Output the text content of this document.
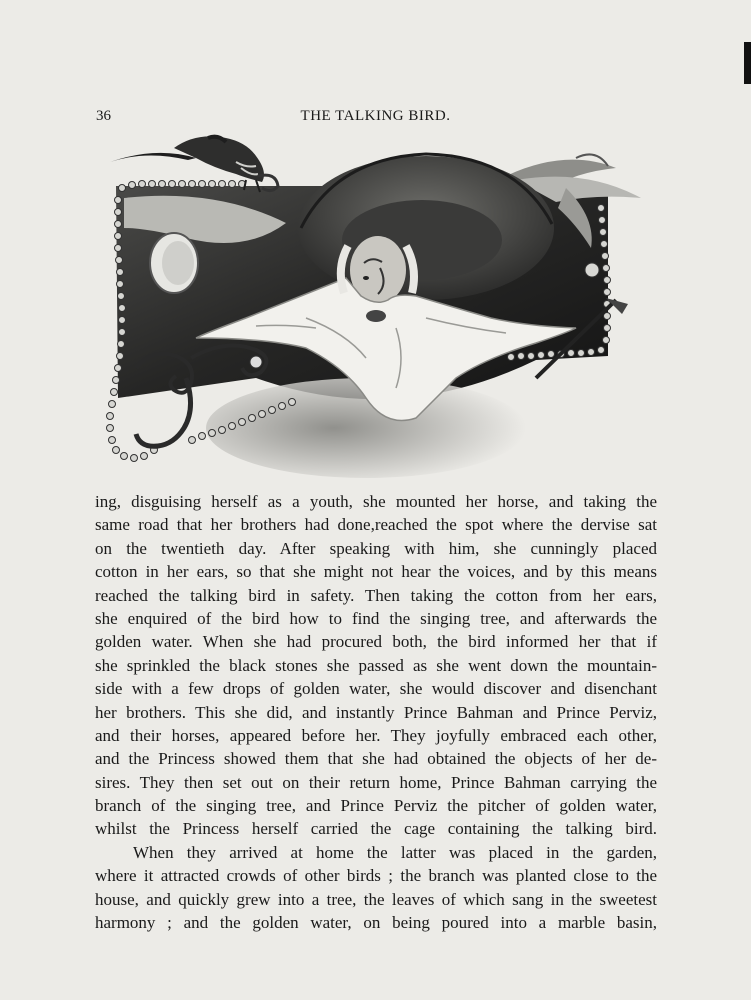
36	THE TALKING BIRD.
ing, disguising herself as a youth, she mounted her horse, and taking the
same road that her brothers had done,reached the spot where the dervise sat
on the twentieth day. After speaking with him, she cunningly placed
cotton in her ears, so that she might not hear the voices, and by this means
reached the talking bird in safety. Then taking the cotton from her ears,
she enquired of the bird how to find the singing tree, and afterwards the
golden water. When she had procured both, the bird informed her that if
she sprinkled the black stones she passed as she went down the mountain-
side with a few drops of golden water, she would discover and disenchant
her brothers. This she did, and instantly Prince Bahman and Prince Perviz,
and their horses, appeared before her. They joyfully embraced each other,
and the Princess showed them that she had obtained the objects of her de-
sires. They then set out on their return home, Prince Bahman carrying the
branch of the singing tree, and Prince Perviz the pitcher of golden water,
whilst the Princess herself carried the cage containing the talking bird.
When they arrived at home the latter was placed in the garden,
where it attracted crowds of other birds ; the branch was planted close to the
house, and quickly grew into a tree, the leaves of which sang in the sweetest
harmony ; and the golden water, on being poured into a marble basin,
